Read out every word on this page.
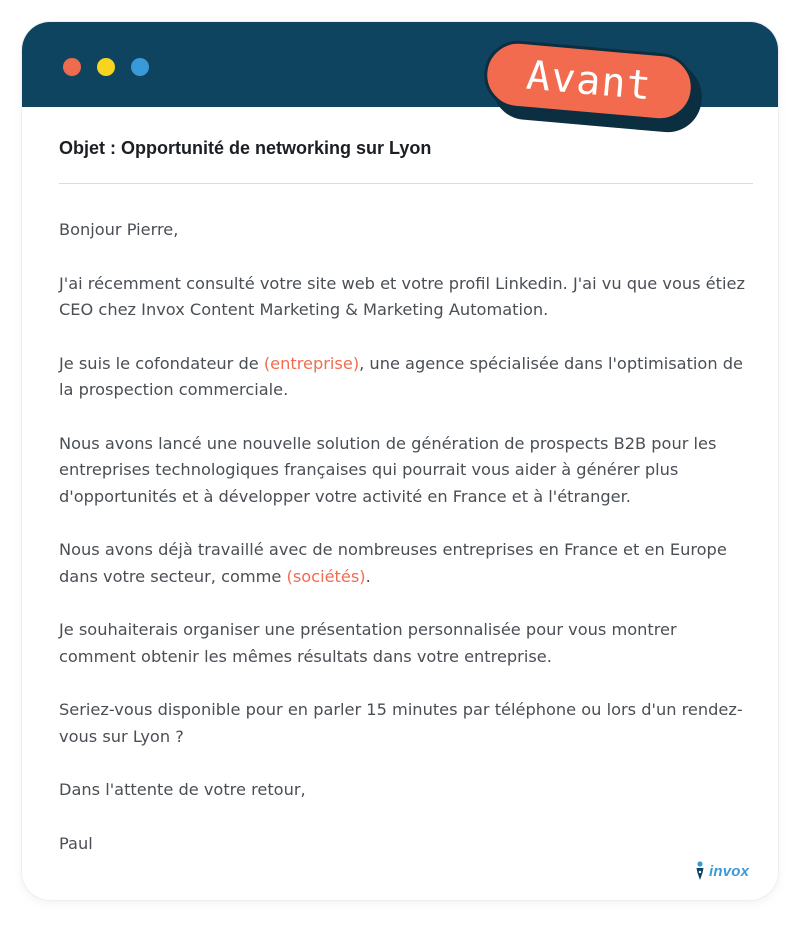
Avant
Objet : Opportunité de networking sur Lyon

Bonjour Pierre,

J'ai récemment consulté votre site web et votre profil Linkedin. J'ai vu que vous étiez CEO chez Invox Content Marketing & Marketing Automation.

Je suis le cofondateur de (entreprise), une agence spécialisée dans l'optimisation de la prospection commerciale.

Nous avons lancé une nouvelle solution de génération de prospects B2B pour les entreprises technologiques françaises qui pourrait vous aider à générer plus d'opportunités et à développer votre activité en France et à l'étranger.

Nous avons déjà travaillé avec de nombreuses entreprises en France et en Europe dans votre secteur, comme (sociétés).

Je souhaiterais organiser une présentation personnalisée pour vous montrer comment obtenir les mêmes résultats dans votre entreprise.

Seriez-vous disponible pour en parler 15 minutes par téléphone ou lors d'un rendez-vous sur Lyon ?

Dans l'attente de votre retour,

Paul

invox
